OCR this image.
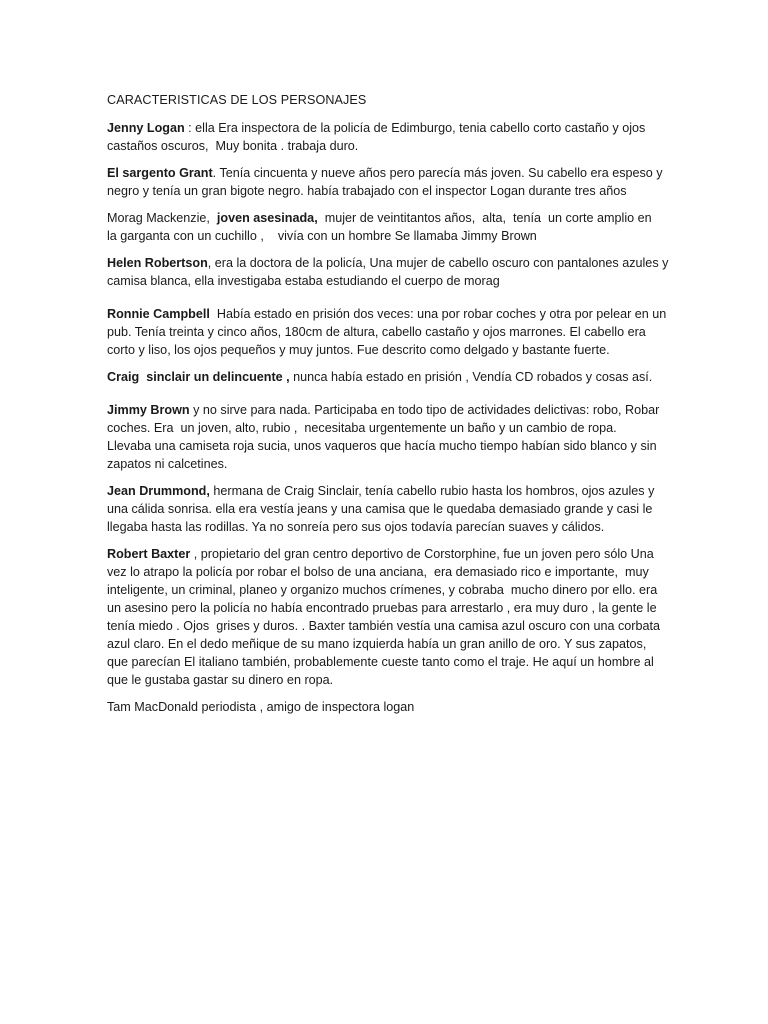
CARACTERISTICAS DE LOS PERSONAJES
Jenny Logan : ella Era inspectora de la policía de Edimburgo, tenia cabello corto castaño y ojos
castaños oscuros,  Muy bonita . trabaja duro.
El sargento Grant. Tenía cincuenta y nueve años pero parecía más joven. Su cabello era espeso y
negro y tenía un gran bigote negro. había trabajado con el inspector Logan durante tres años
Morag Mackenzie,  joven asesinada,  mujer de veintitantos años,  alta,  tenía  un corte amplio en
la garganta con un cuchillo ,    vivía con un hombre Se llamaba Jimmy Brown
Helen Robertson, era la doctora de la policía, Una mujer de cabello oscuro con pantalones azules y
camisa blanca, ella investigaba estaba estudiando el cuerpo de morag
Ronnie Campbell  Había estado en prisión dos veces: una por robar coches y otra por pelear en un
pub. Tenía treinta y cinco años, 180cm de altura, cabello castaño y ojos marrones. El cabello era
corto y liso, los ojos pequeños y muy juntos. Fue descrito como delgado y bastante fuerte.
Craig  sinclair un delincuente , nunca había estado en prisión , Vendía CD robados y cosas así.
Jimmy Brown y no sirve para nada. Participaba en todo tipo de actividades delictivas: robo, Robar
coches. Era  un joven, alto, rubio ,  necesitaba urgentemente un baño y un cambio de ropa.
Llevaba una camiseta roja sucia, unos vaqueros que hacía mucho tiempo habían sido blanco y sin
zapatos ni calcetines.
Jean Drummond, hermana de Craig Sinclair, tenía cabello rubio hasta los hombros, ojos azules y
una cálida sonrisa. ella era vestía jeans y una camisa que le quedaba demasiado grande y casi le
llegaba hasta las rodillas. Ya no sonreía pero sus ojos todavía parecían suaves y cálidos.
Robert Baxter , propietario del gran centro deportivo de Corstorphine, fue un joven pero sólo Una
vez lo atrapo la policía por robar el bolso de una anciana,  era demasiado rico e importante,  muy
inteligente, un criminal, planeo y organizo muchos crímenes, y cobraba  mucho dinero por ello. era
un asesino pero la policía no había encontrado pruebas para arrestarlo , era muy duro , la gente le
tenía miedo . Ojos  grises y duros. . Baxter también vestía una camisa azul oscuro con una corbata
azul claro. En el dedo meñique de su mano izquierda había un gran anillo de oro. Y sus zapatos,
que parecían El italiano también, probablemente cueste tanto como el traje. He aquí un hombre al
que le gustaba gastar su dinero en ropa.
Tam MacDonald periodista , amigo de inspectora logan
